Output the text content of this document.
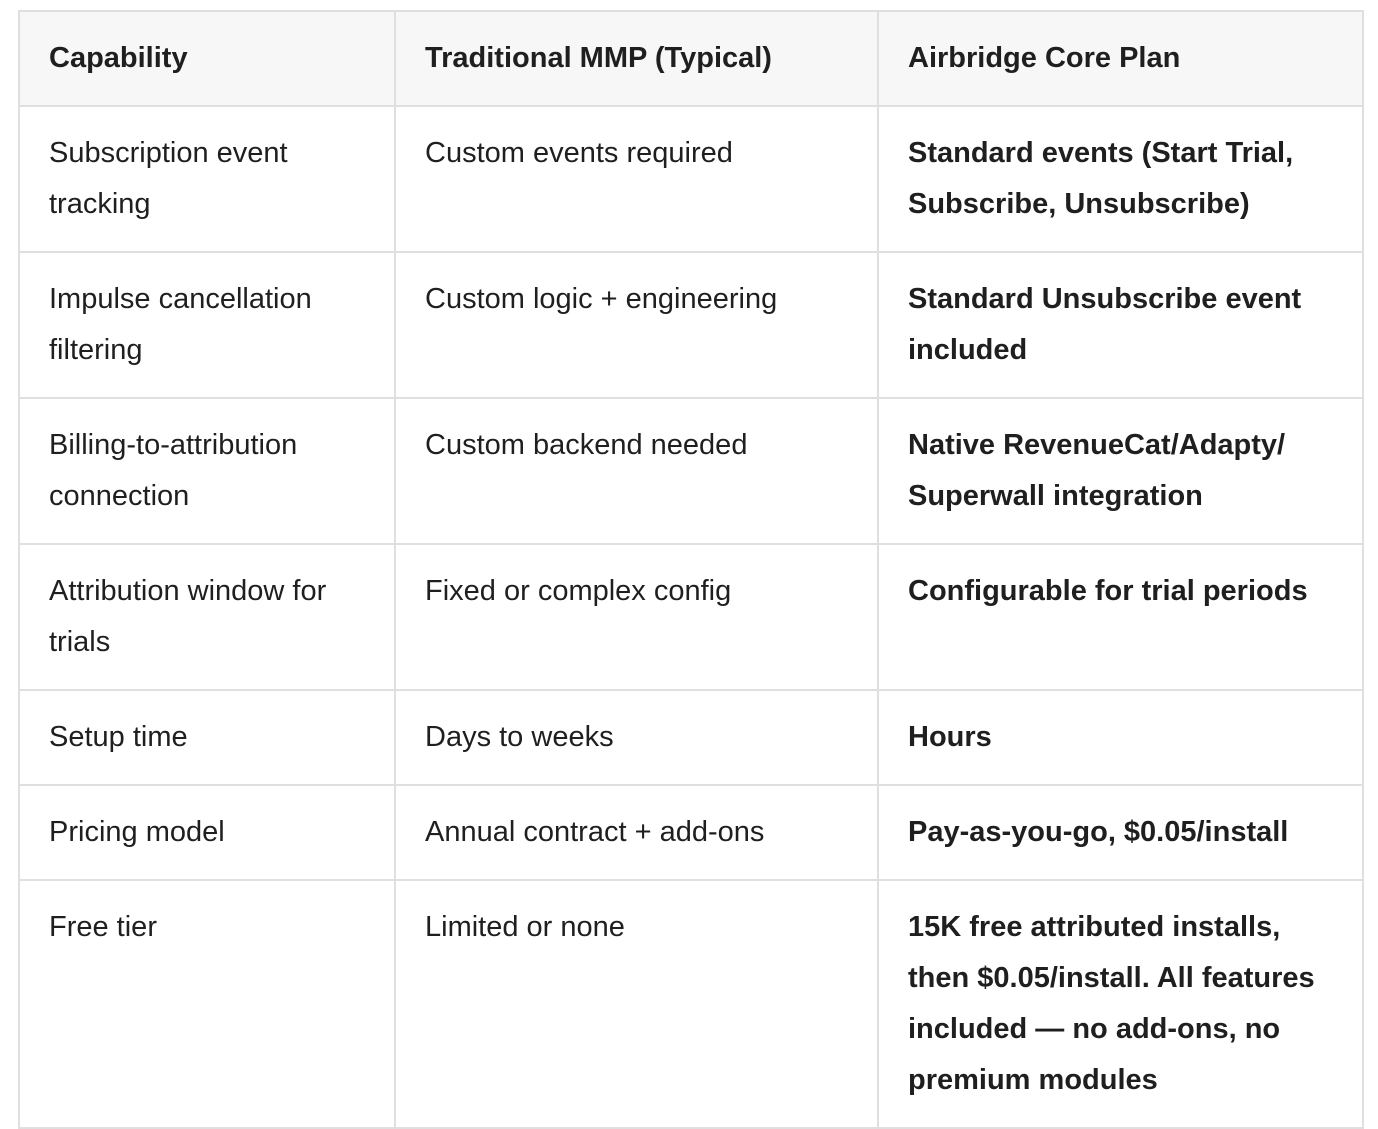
Capability	Traditional MMP (Typical)	Airbridge Core Plan
Subscription event tracking	Custom events required	Standard events (Start Trial, Subscribe, Unsubscribe)
Impulse cancellation filtering	Custom logic + engineering	Standard Unsubscribe event included
Billing-to-attribution connection	Custom backend needed	Native RevenueCat/Adapty/ Superwall integration
Attribution window for trials	Fixed or complex config	Configurable for trial periods
Setup time	Days to weeks	Hours
Pricing model	Annual contract + add-ons	Pay-as-you-go, $0.05/install
Free tier	Limited or none	15K free attributed installs, then $0.05/install. All features included — no add-ons, no premium modules
